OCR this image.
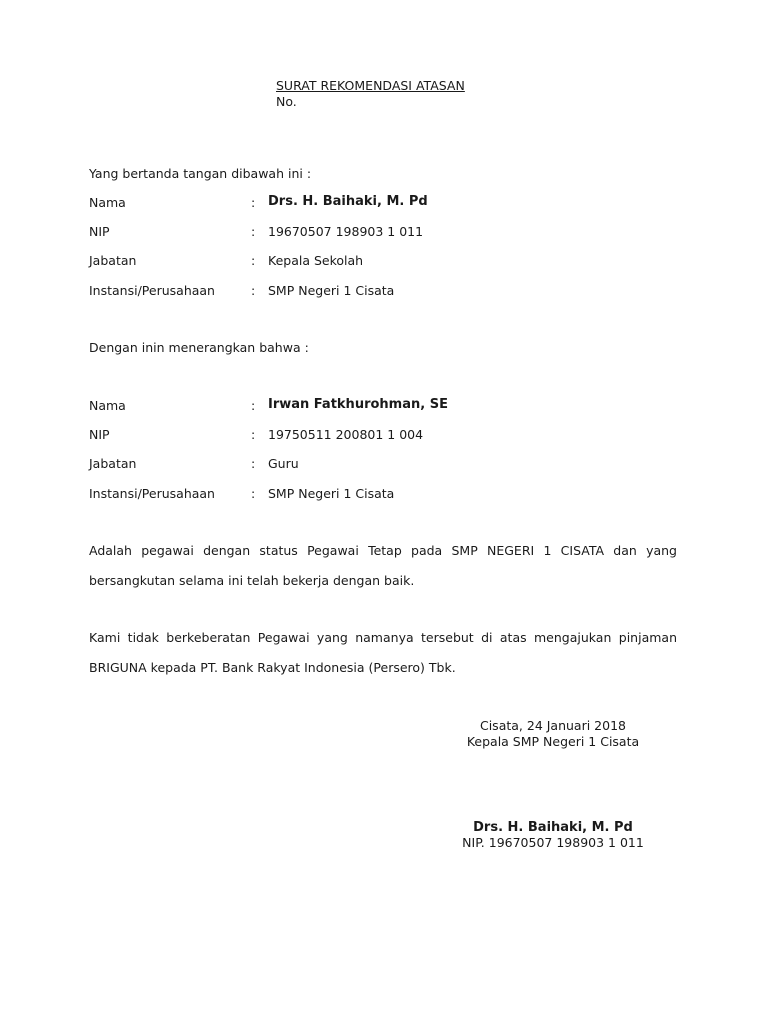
SURAT REKOMENDASI ATASAN
No.
Yang bertanda tangan dibawah ini :
Nama	: Drs. H. Baihaki, M. Pd
NIP	: 19670507 198903 1 011
Jabatan	: Kepala Sekolah
Instansi/Perusahaan	: SMP Negeri 1 Cisata
Dengan inin menerangkan bahwa :
Nama	: Irwan Fatkhurohman, SE
NIP	: 19750511 200801 1 004
Jabatan	: Guru
Instansi/Perusahaan	: SMP Negeri 1 Cisata
Adalah pegawai dengan status Pegawai Tetap pada SMP NEGERI 1 CISATA dan yang
bersangkutan selama ini telah bekerja dengan baik.
Kami tidak berkeberatan Pegawai yang namanya tersebut di atas mengajukan pinjaman
BRIGUNA kepada PT. Bank Rakyat Indonesia (Persero) Tbk.
Cisata, 24 Januari 2018
Kepala SMP Negeri 1 Cisata
Drs. H. Baihaki, M. Pd
NIP. 19670507 198903 1 011
